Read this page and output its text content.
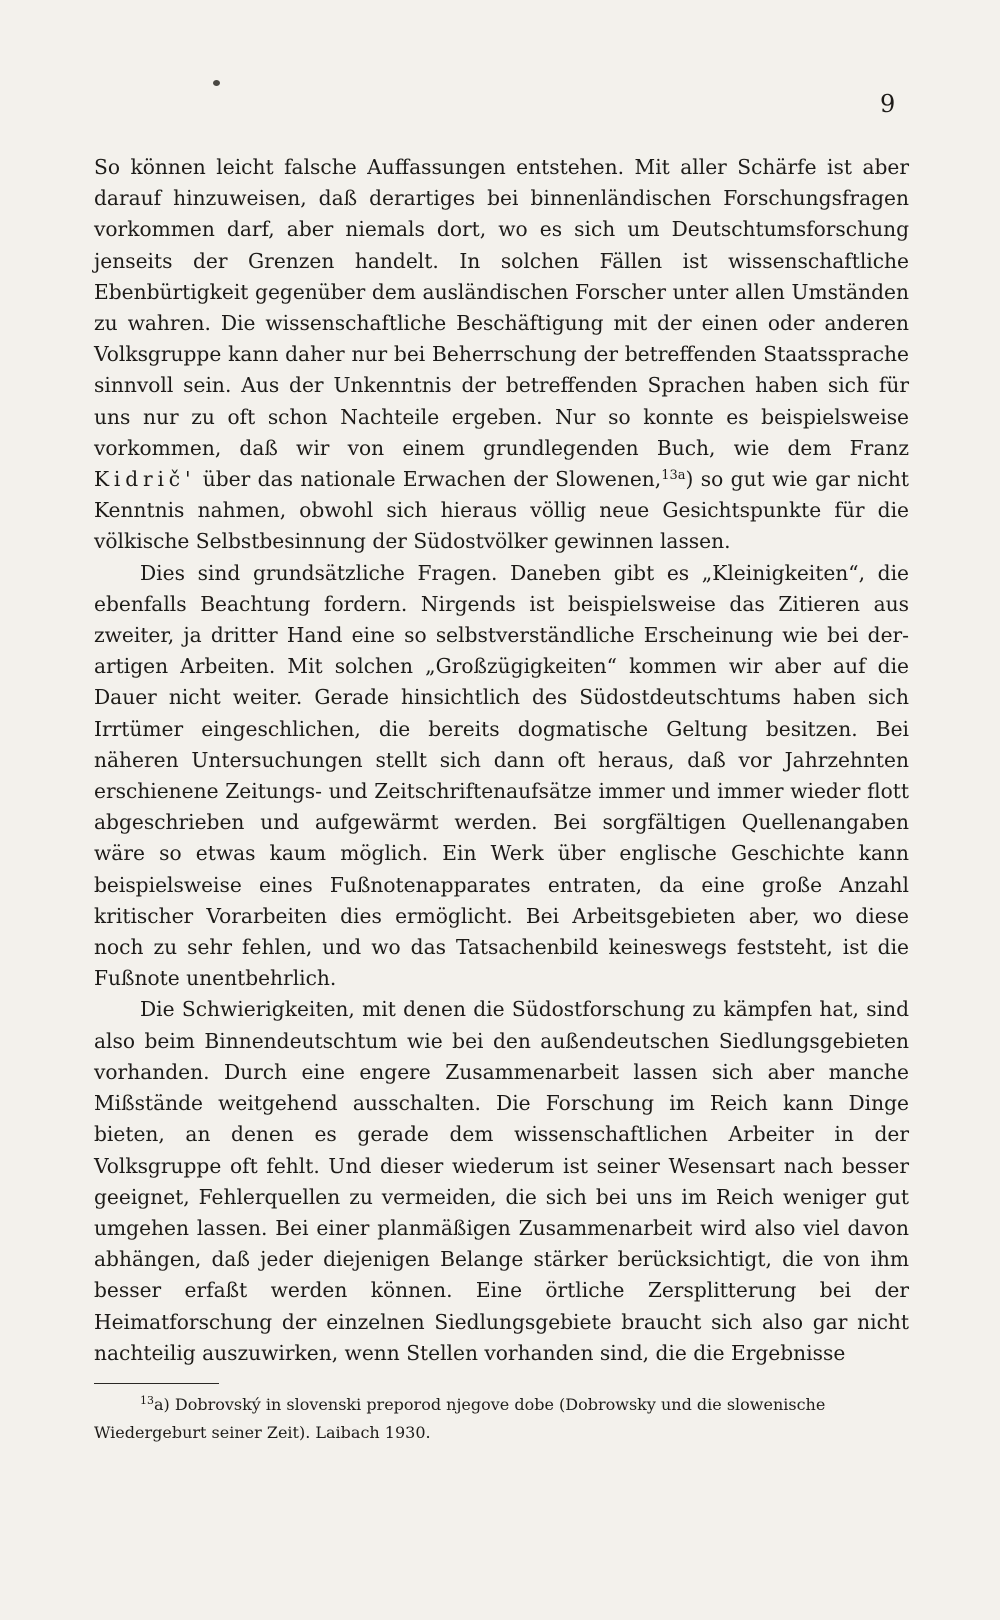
9

So können leicht falsche Auffassungen entstehen. Mit aller Schärfe ist aber darauf hinzuweisen, daß derartiges bei binnenländischen Forschungsfragen vorkommen darf, aber niemals dort, wo es sich um Deutschtumsforschung jenseits der Grenzen handelt. In solchen Fällen ist wissenschaftliche Ebenbürtigkeit gegenüber dem ausländischen Forscher unter allen Umständen zu wahren. Die wissenschaftliche Beschäftigung mit der einen oder anderen Volksgruppe kann daher nur bei Beherrschung der betreffenden Staatssprache sinnvoll sein. Aus der Unkenntnis der betreffenden Sprachen haben sich für uns nur zu oft schon Nachteile ergeben. Nur so konnte es beispielsweise vorkommen, daß wir von einem grundlegenden Buch, wie dem Franz Kidrič' über das nationale Erwachen der Slowenen,$^{13a}$) so gut wie gar nicht Kenntnis nahmen, obwohl sich hieraus völlig neue Gesichtspunkte für die völkische Selbstbesinnung der Südostvölker gewinnen lassen.

Dies sind grundsätzliche Fragen. Daneben gibt es „Kleinigkeiten“, die ebenfalls Beachtung fordern. Nirgends ist beispielsweise das Zitieren aus zweiter, ja dritter Hand eine so selbstverständliche Erscheinung wie bei derartigen Arbeiten. Mit solchen „Großzügigkeiten“ kommen wir aber auf die Dauer nicht weiter. Gerade hinsichtlich des Südostdeutschtums haben sich Irrtümer eingeschlichen, die bereits dogmatische Geltung besitzen. Bei näheren Untersuchungen stellt sich dann oft heraus, daß vor Jahrzehnten erschienene Zeitungs- und Zeitschriftenaufsätze immer und immer wieder flott abgeschrieben und aufgewärmt werden. Bei sorgfältigen Quellenangaben wäre so etwas kaum möglich. Ein Werk über englische Geschichte kann beispielsweise eines Fußnotenapparates entraten, da eine große Anzahl kritischer Vorarbeiten dies ermöglicht. Bei Arbeitsgebieten aber, wo diese noch zu sehr fehlen, und wo das Tatsachenbild keineswegs feststeht, ist die Fußnote unentbehrlich.

Die Schwierigkeiten, mit denen die Südostforschung zu kämpfen hat, sind also beim Binnendeutschtum wie bei den außendeutschen Siedlungsgebieten vorhanden. Durch eine engere Zusammenarbeit lassen sich aber manche Mißstände weitgehend ausschalten. Die Forschung im Reich kann Dinge bieten, an denen es gerade dem wissenschaftlichen Arbeiter in der Volksgruppe oft fehlt. Und dieser wiederum ist seiner Wesensart nach besser geeignet, Fehlerquellen zu vermeiden, die sich bei uns im Reich weniger gut umgehen lassen. Bei einer planmäßigen Zusammenarbeit wird also viel davon abhängen, daß jeder diejenigen Belange stärker berücksichtigt, die von ihm besser erfaßt werden können. Eine örtliche Zersplitterung bei der Heimatforschung der einzelnen Siedlungsgebiete braucht sich also gar nicht nachteilig auszuwirken, wenn Stellen vorhanden sind, die die Ergebnisse

$^{13}$a) Dobrovský in slovenski preporod njegove dobe (Dobrowsky und die slowenische Wiedergeburt seiner Zeit). Laibach 1930.
